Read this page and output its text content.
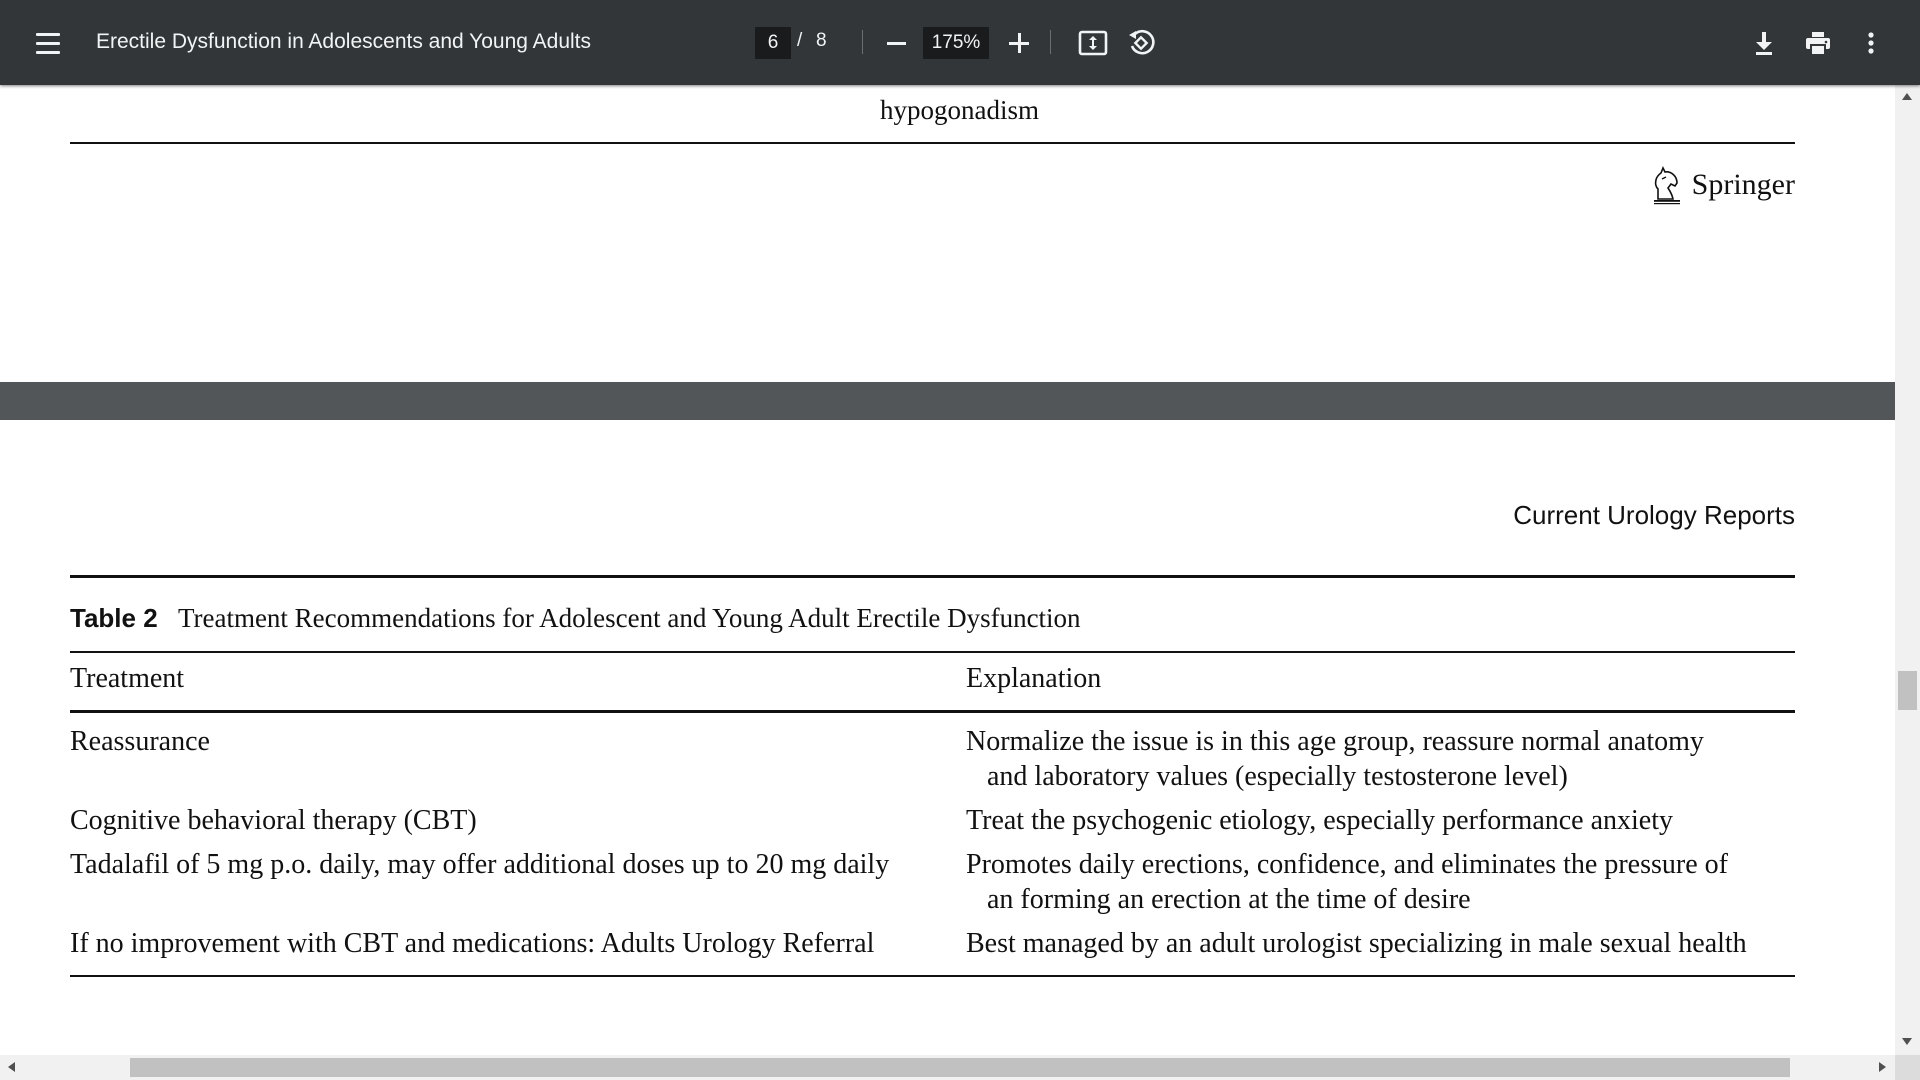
Erectile Dysfunction in Adolescents and Young Adults	6 / 8	175%
hypogonadism
Springer
Current Urology Reports
Table 2 Treatment Recommendations for Adolescent and Young Adult Erectile Dysfunction
Treatment	Explanation
Reassurance	Normalize the issue is in this age group, reassure normal anatomy
and laboratory values (especially testosterone level)
Cognitive behavioral therapy (CBT)	Treat the psychogenic etiology, especially performance anxiety
Tadalafil of 5 mg p.o. daily, may offer additional doses up to 20 mg daily	Promotes daily erections, confidence, and eliminates the pressure of
an forming an erection at the time of desire
If no improvement with CBT and medications: Adults Urology Referral	Best managed by an adult urologist specializing in male sexual health
